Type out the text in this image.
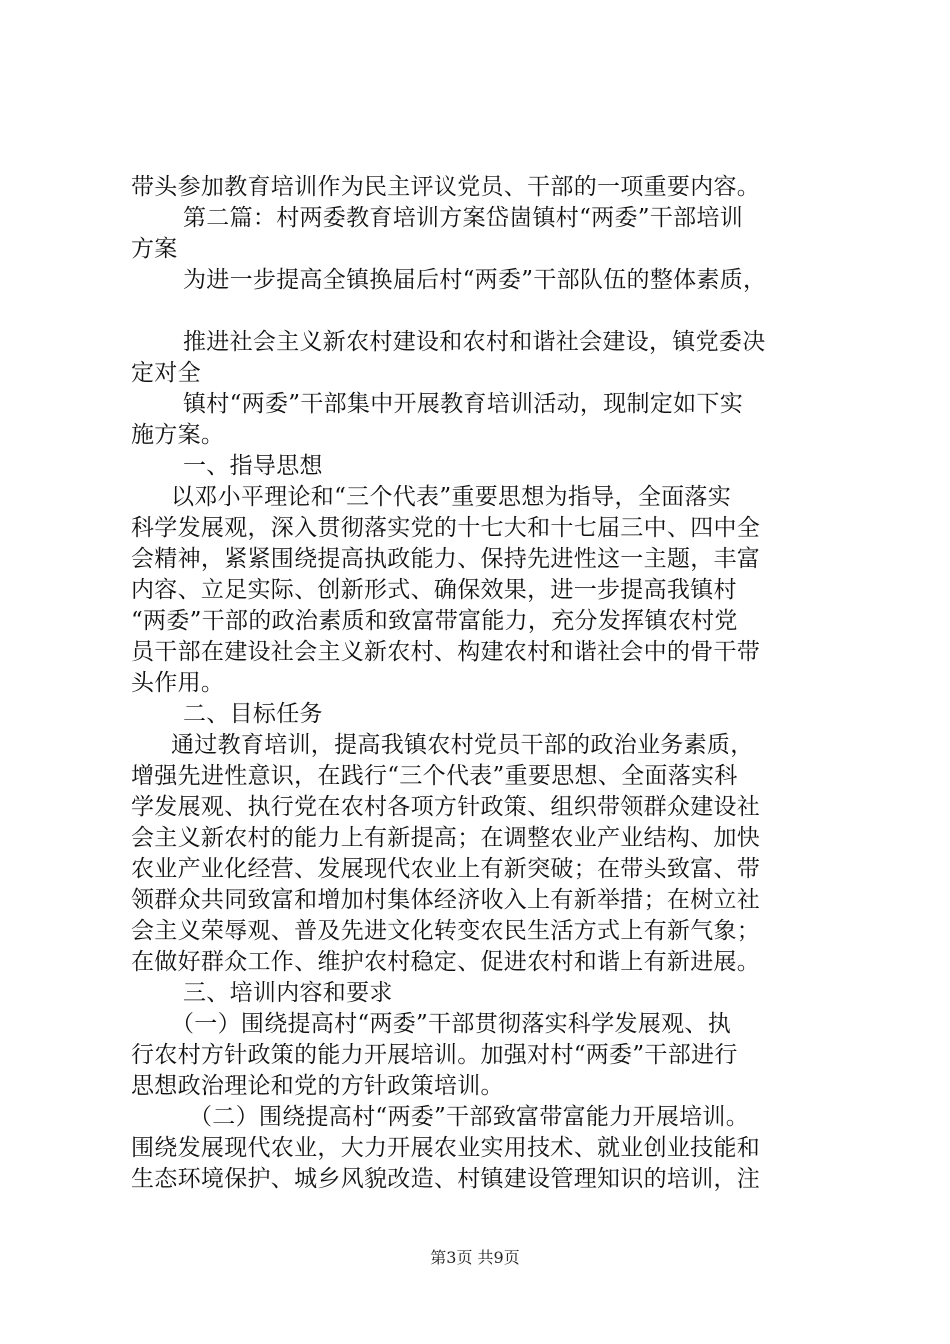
带头参加教育培训作为民主评议党员、干部的一项重要内容。
第二篇：村两委教育培训方案岱崮镇村“两委”干部培训
方案
为进一步提高全镇换届后村“两委”干部队伍的整体素质，
推进社会主义新农村建设和农村和谐社会建设，镇党委决
定对全
镇村“两委”干部集中开展教育培训活动，现制定如下实
施方案。
一、指导思想
以邓小平理论和“三个代表”重要思想为指导，全面落实
科学发展观，深入贯彻落实党的十七大和十七届三中、四中全
会精神，紧紧围绕提高执政能力、保持先进性这一主题，丰富
内容、立足实际、创新形式、确保效果，进一步提高我镇村
“两委”干部的政治素质和致富带富能力，充分发挥镇农村党
员干部在建设社会主义新农村、构建农村和谐社会中的骨干带
头作用。
二、目标任务
通过教育培训，提高我镇农村党员干部的政治业务素质，
增强先进性意识，在践行“三个代表”重要思想、全面落实科
学发展观、执行党在农村各项方针政策、组织带领群众建设社
会主义新农村的能力上有新提高；在调整农业产业结构、加快
农业产业化经营、发展现代农业上有新突破；在带头致富、带
领群众共同致富和增加村集体经济收入上有新举措；在树立社
会主义荣辱观、普及先进文化转变农民生活方式上有新气象；
在做好群众工作、维护农村稳定、促进农村和谐上有新进展。
三、培训内容和要求
（一）围绕提高村“两委”干部贯彻落实科学发展观、执
行农村方针政策的能力开展培训。加强对村“两委”干部进行
思想政治理论和党的方针政策培训。
（二）围绕提高村“两委”干部致富带富能力开展培训。
围绕发展现代农业，大力开展农业实用技术、就业创业技能和
生态环境保护、城乡风貌改造、村镇建设管理知识的培训，注
第3页 共9页
